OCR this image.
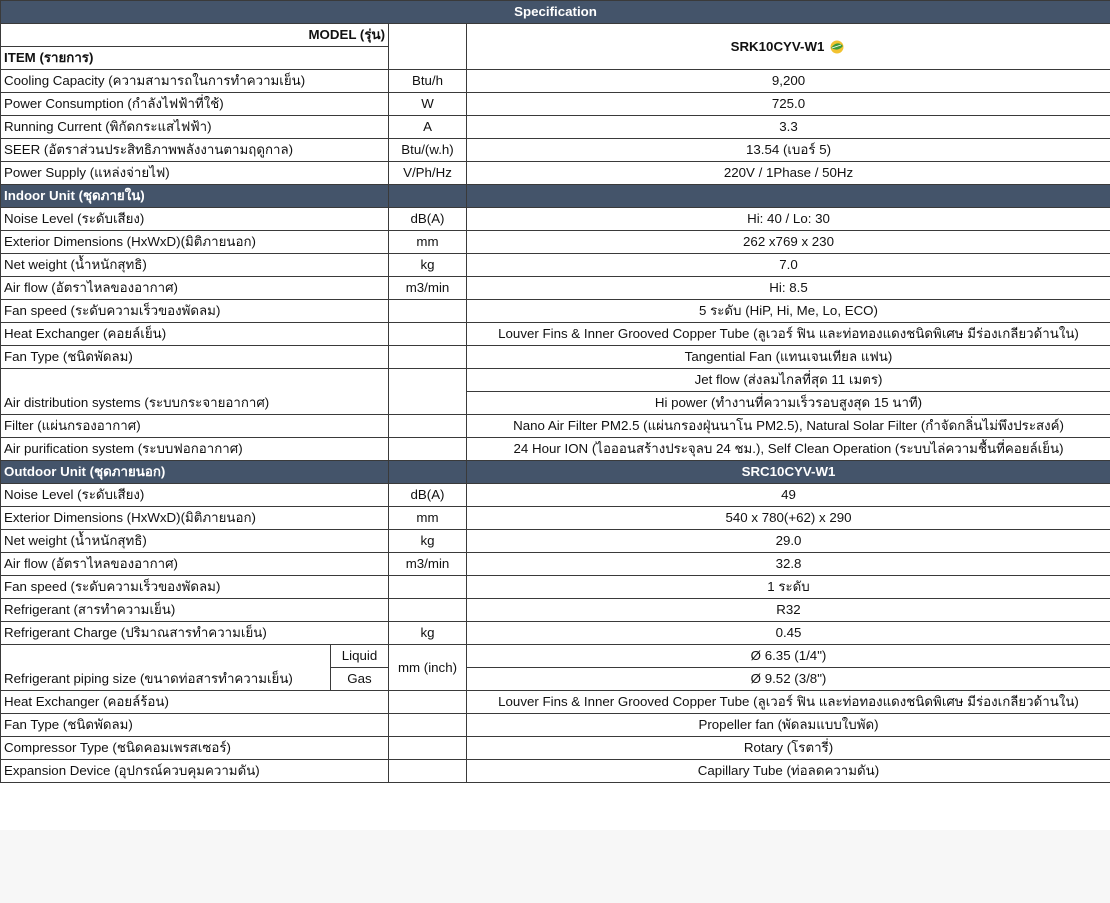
Specification			
MODEL (รุ่น)			SRK10CYV-W1

ITEM (รายการ)			
Cooling Capacity (ความสามารถในการทำความเย็น)		Btu/h	9,200
Power Consumption (กำลังไฟฟ้าที่ใช้)		W	725.0
Running Current (พิกัดกระแสไฟฟ้า)		A	3.3
SEER (อัตราส่วนประสิทธิภาพพลังงานตามฤดูกาล)		Btu/(w.h)	13.54 (เบอร์ 5)
Power Supply (แหล่งจ่ายไฟ)		V/Ph/Hz	220V / 1Phase / 50Hz
Indoor Unit (ชุดภายใน)			
Noise Level (ระดับเสียง)		dB(A)	Hi: 40 / Lo: 30
Exterior Dimensions (HxWxD)(มิติภายนอก)		mm	262 x769 x 230
Net weight (น้ำหนักสุทธิ)		kg	7.0
Air flow (อัตราไหลของอากาศ)		m3/min	Hi: 8.5
Fan speed (ระดับความเร็วของพัดลม)			5 ระดับ (HiP, Hi, Me, Lo, ECO)
Heat Exchanger (คอยล์เย็น)			Louver Fins & Inner Grooved Copper Tube (ลูเวอร์ ฟิน และท่อทองแดงชนิดพิเศษ มีร่องเกลียวด้านใน)
Fan Type (ชนิดพัดลม)			Tangential Fan (แทนเจนเทียล แฟน)
Air distribution systems (ระบบกระจายอากาศ)			Jet flow (ส่งลมไกลที่สุด 11 เมตร)
			Hi power (ทำงานที่ความเร็วรอบสูงสุด 15 นาที)
Filter (แผ่นกรองอากาศ)			Nano Air Filter PM2.5 (แผ่นกรองฝุ่นนาโน PM2.5), Natural Solar Filter (กำจัดกลิ่นไม่พึงประสงค์)
Air purification system (ระบบฟอกอากาศ)			24 Hour ION (ไอออนสร้างประจุลบ 24 ชม.), Self Clean Operation (ระบบไล่ความชื้นที่คอยล์เย็น)
Outdoor Unit (ชุดภายนอก)			SRC10CYV-W1
Noise Level (ระดับเสียง)		dB(A)	49
Exterior Dimensions (HxWxD)(มิติภายนอก)		mm	540 x 780(+62) x 290
Net weight (น้ำหนักสุทธิ)		kg	29.0
Air flow (อัตราไหลของอากาศ)		m3/min	32.8
Fan speed (ระดับความเร็วของพัดลม)			1 ระดับ
Refrigerant (สารทำความเย็น)			R32
Refrigerant Charge (ปริมาณสารทำความเย็น)		kg	0.45
Refrigerant piping size (ขนาดท่อสารทำความเย็น)	Liquid	mm (inch)	Ø 6.35 (1/4")
	Gas		Ø 9.52 (3/8")
Heat Exchanger (คอยล์ร้อน)			Louver Fins & Inner Grooved Copper Tube (ลูเวอร์ ฟิน และท่อทองแดงชนิดพิเศษ มีร่องเกลียวด้านใน)
Fan Type (ชนิดพัดลม)			Propeller fan (พัดลมแบบใบพัด)
Compressor Type (ชนิดคอมเพรสเซอร์)			Rotary (โรตารี่)
Expansion Device (อุปกรณ์ควบคุมความดัน)			Capillary Tube (ท่อลดความดัน)
